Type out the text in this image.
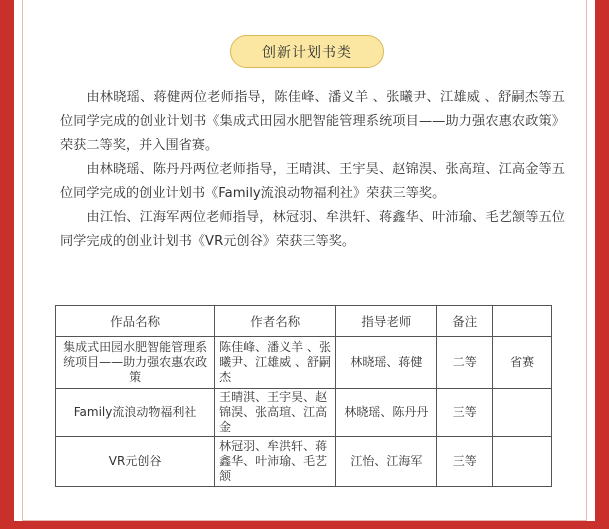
创新计划书类

由林晓瑶、蒋健两位老师指导，陈佳峰、潘义羊 、张曦尹、江雄威 、舒嗣杰等五位同学完成的创业计划书《集成式田园水肥智能管理系统项目——助力强农惠农政策》荣获二等奖，并入围省赛。

由林晓瑶、陈丹丹两位老师指导，王晴淇、王宇昊、赵锦淏、张高瑄、江高金等五位同学完成的创业计划书《Family流浪动物福利社》荣获三等奖。

由江怡、江海军两位老师指导，林冠羽、牟洪轩、蒋鑫华、叶沛瑜、毛艺颔等五位同学完成的创业计划书《VR元创谷》荣获三等奖。

作品名称	作者名称	指导老师	备注	
集成式田园水肥智能管理系统项目——助力强农惠农政策	陈佳峰、潘义羊 、张曦尹、江雄威 、舒嗣杰	林晓瑶、蒋健	二等	省赛
Family流浪动物福利社	王晴淇、王宇昊、赵锦淏、张高瑄、江高金	林晓瑶、陈丹丹	三等	
VR元创谷	林冠羽、牟洪轩、蒋鑫华、叶沛瑜、毛艺颔	江怡、江海军	三等	
